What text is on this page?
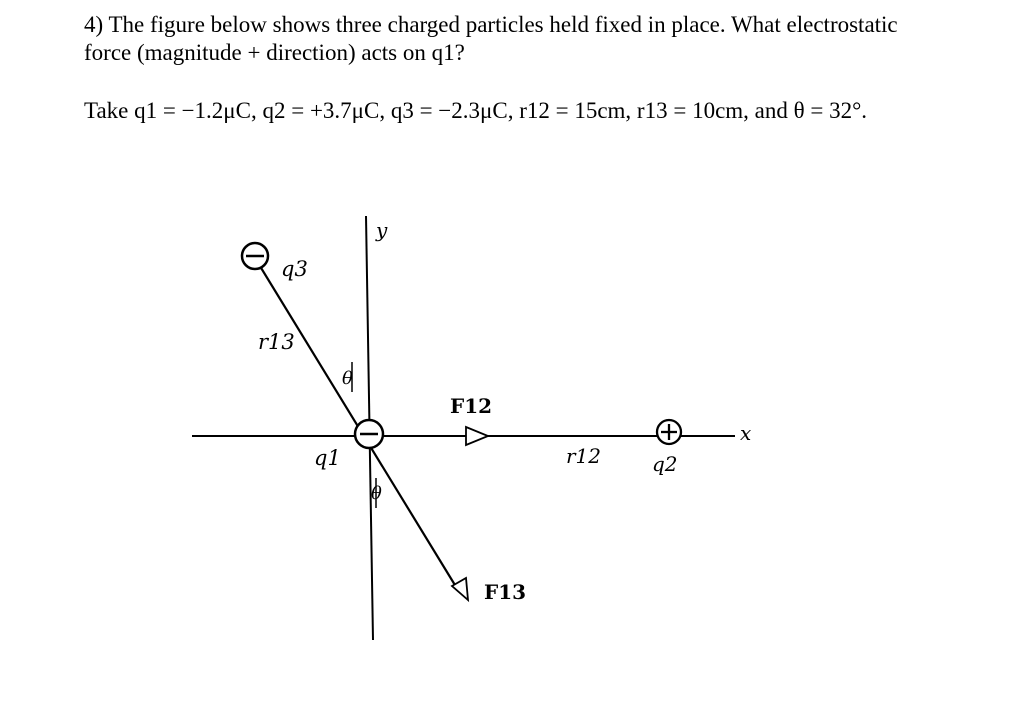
4) The figure below shows three charged particles held fixed in place. What electrostatic

force (magnitude + direction) acts on q1?

Take q1 = −1.2μC, q2 = +3.7μC, q3 = −2.3μC, r12 = 15cm, r13 = 10cm, and θ = 32°.
y
x
q3
r13
θ
q1
θ
F12
r12	q2
F13
